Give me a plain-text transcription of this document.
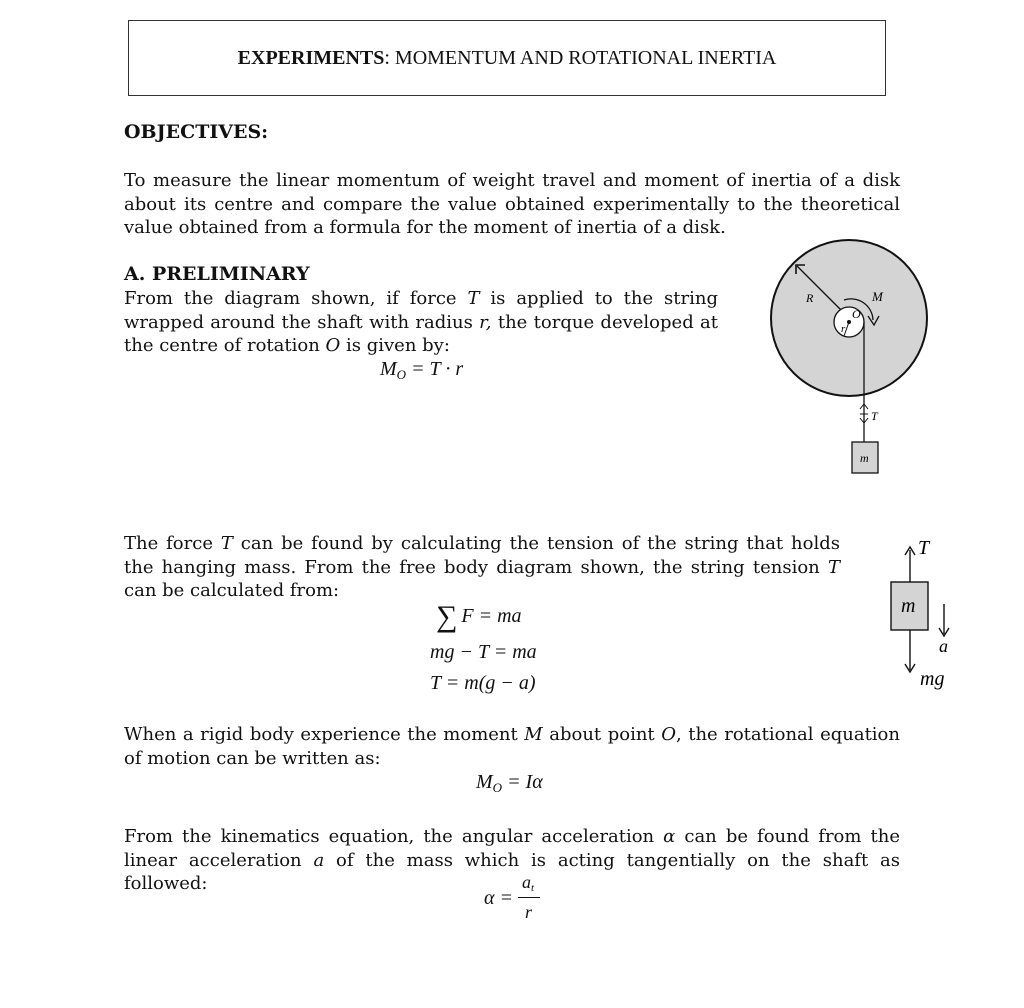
EXPERIMENTS: MOMENTUM AND ROTATIONAL INERTIA
OBJECTIVES:
To measure the linear momentum of weight travel and moment of inertia of a disk about its centre and compare the value obtained experimentally to the theoretical value obtained from a formula for the moment of inertia of a disk.
A. PRELIMINARY
From the diagram shown, if force T is applied to the string wrapped around the shaft with radius r, the torque developed at the centre of rotation O is given by:
$M_O = T \cdot r$
R
O
r
M
T
m
The force T can be found by calculating the tension of the string that holds the hanging mass. From the free body diagram shown, the string tension T can be calculated from:
∑ F = ma
mg − T = ma
T = m(g − a)
T
m
mg
a
When a rigid body experience the moment M about point O, the rotational equation of motion can be written as:
$M_O = I\alpha$
From the kinematics equation, the angular acceleration α can be found from the linear acceleration a of the mass which is acting tangentially on the shaft as followed:
α =
$a_t$
r
